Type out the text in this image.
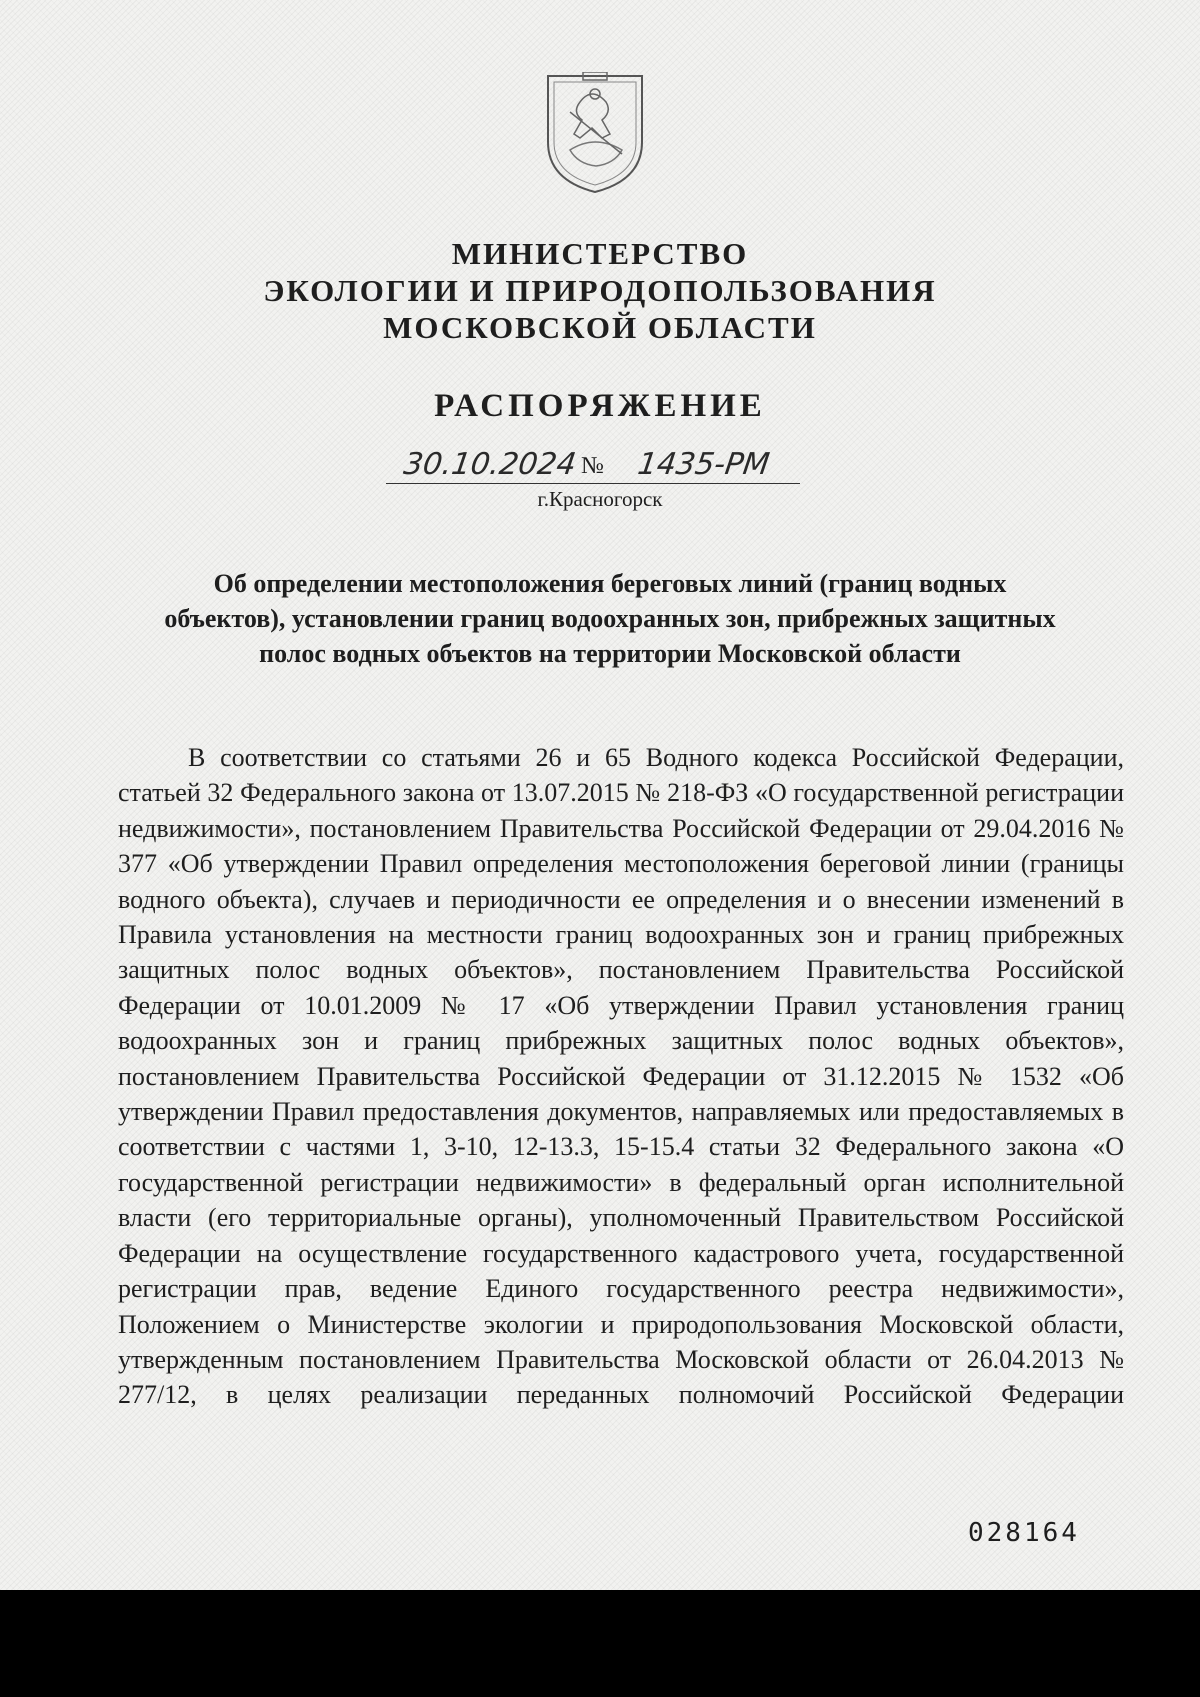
МИНИСТЕРСТВО
ЭКОЛОГИИ И ПРИРОДОПОЛЬЗОВАНИЯ
МОСКОВСКОЙ ОБЛАСТИ
РАСПОРЯЖЕНИЕ
30.10.2024 № 1435-РМ
г.Красногорск
Об определении местоположения береговых линий (границ водных объектов), установлении границ водоохранных зон, прибрежных защитных полос водных объектов на территории Московской области

В соответствии со статьями 26 и 65 Водного кодекса Российской Федерации, статьей 32 Федерального закона от 13.07.2015 № 218-ФЗ «О государственной регистрации недвижимости», постановлением Правительства Российской Федерации от 29.04.2016 № 377 «Об утверждении Правил определения местоположения береговой линии (границы водного объекта), случаев и периодичности ее определения и о внесении изменений в Правила установления на местности границ водоохранных зон и границ прибрежных защитных полос водных объектов», постановлением Правительства Российской Федерации от 10.01.2009 № 17 «Об утверждении Правил установления границ водоохранных зон и границ прибрежных защитных полос водных объектов», постановлением Правительства Российской Федерации от 31.12.2015 № 1532 «Об утверждении Правил предоставления документов, направляемых или предоставляемых в соответствии с частями 1, 3-10, 12-13.3, 15-15.4 статьи 32 Федерального закона «О государственной регистрации недвижимости» в федеральный орган исполнительной власти (его территориальные органы), уполномоченный Правительством Российской Федерации на осуществление государственного кадастрового учета, государственной регистрации прав, ведение Единого государственного реестра недвижимости», Положением о Министерстве экологии и природопользования Московской области, утвержденным постановлением Правительства Московской области от 26.04.2013 № 277/12, в целях реализации переданных полномочий Российской Федерации

028164
